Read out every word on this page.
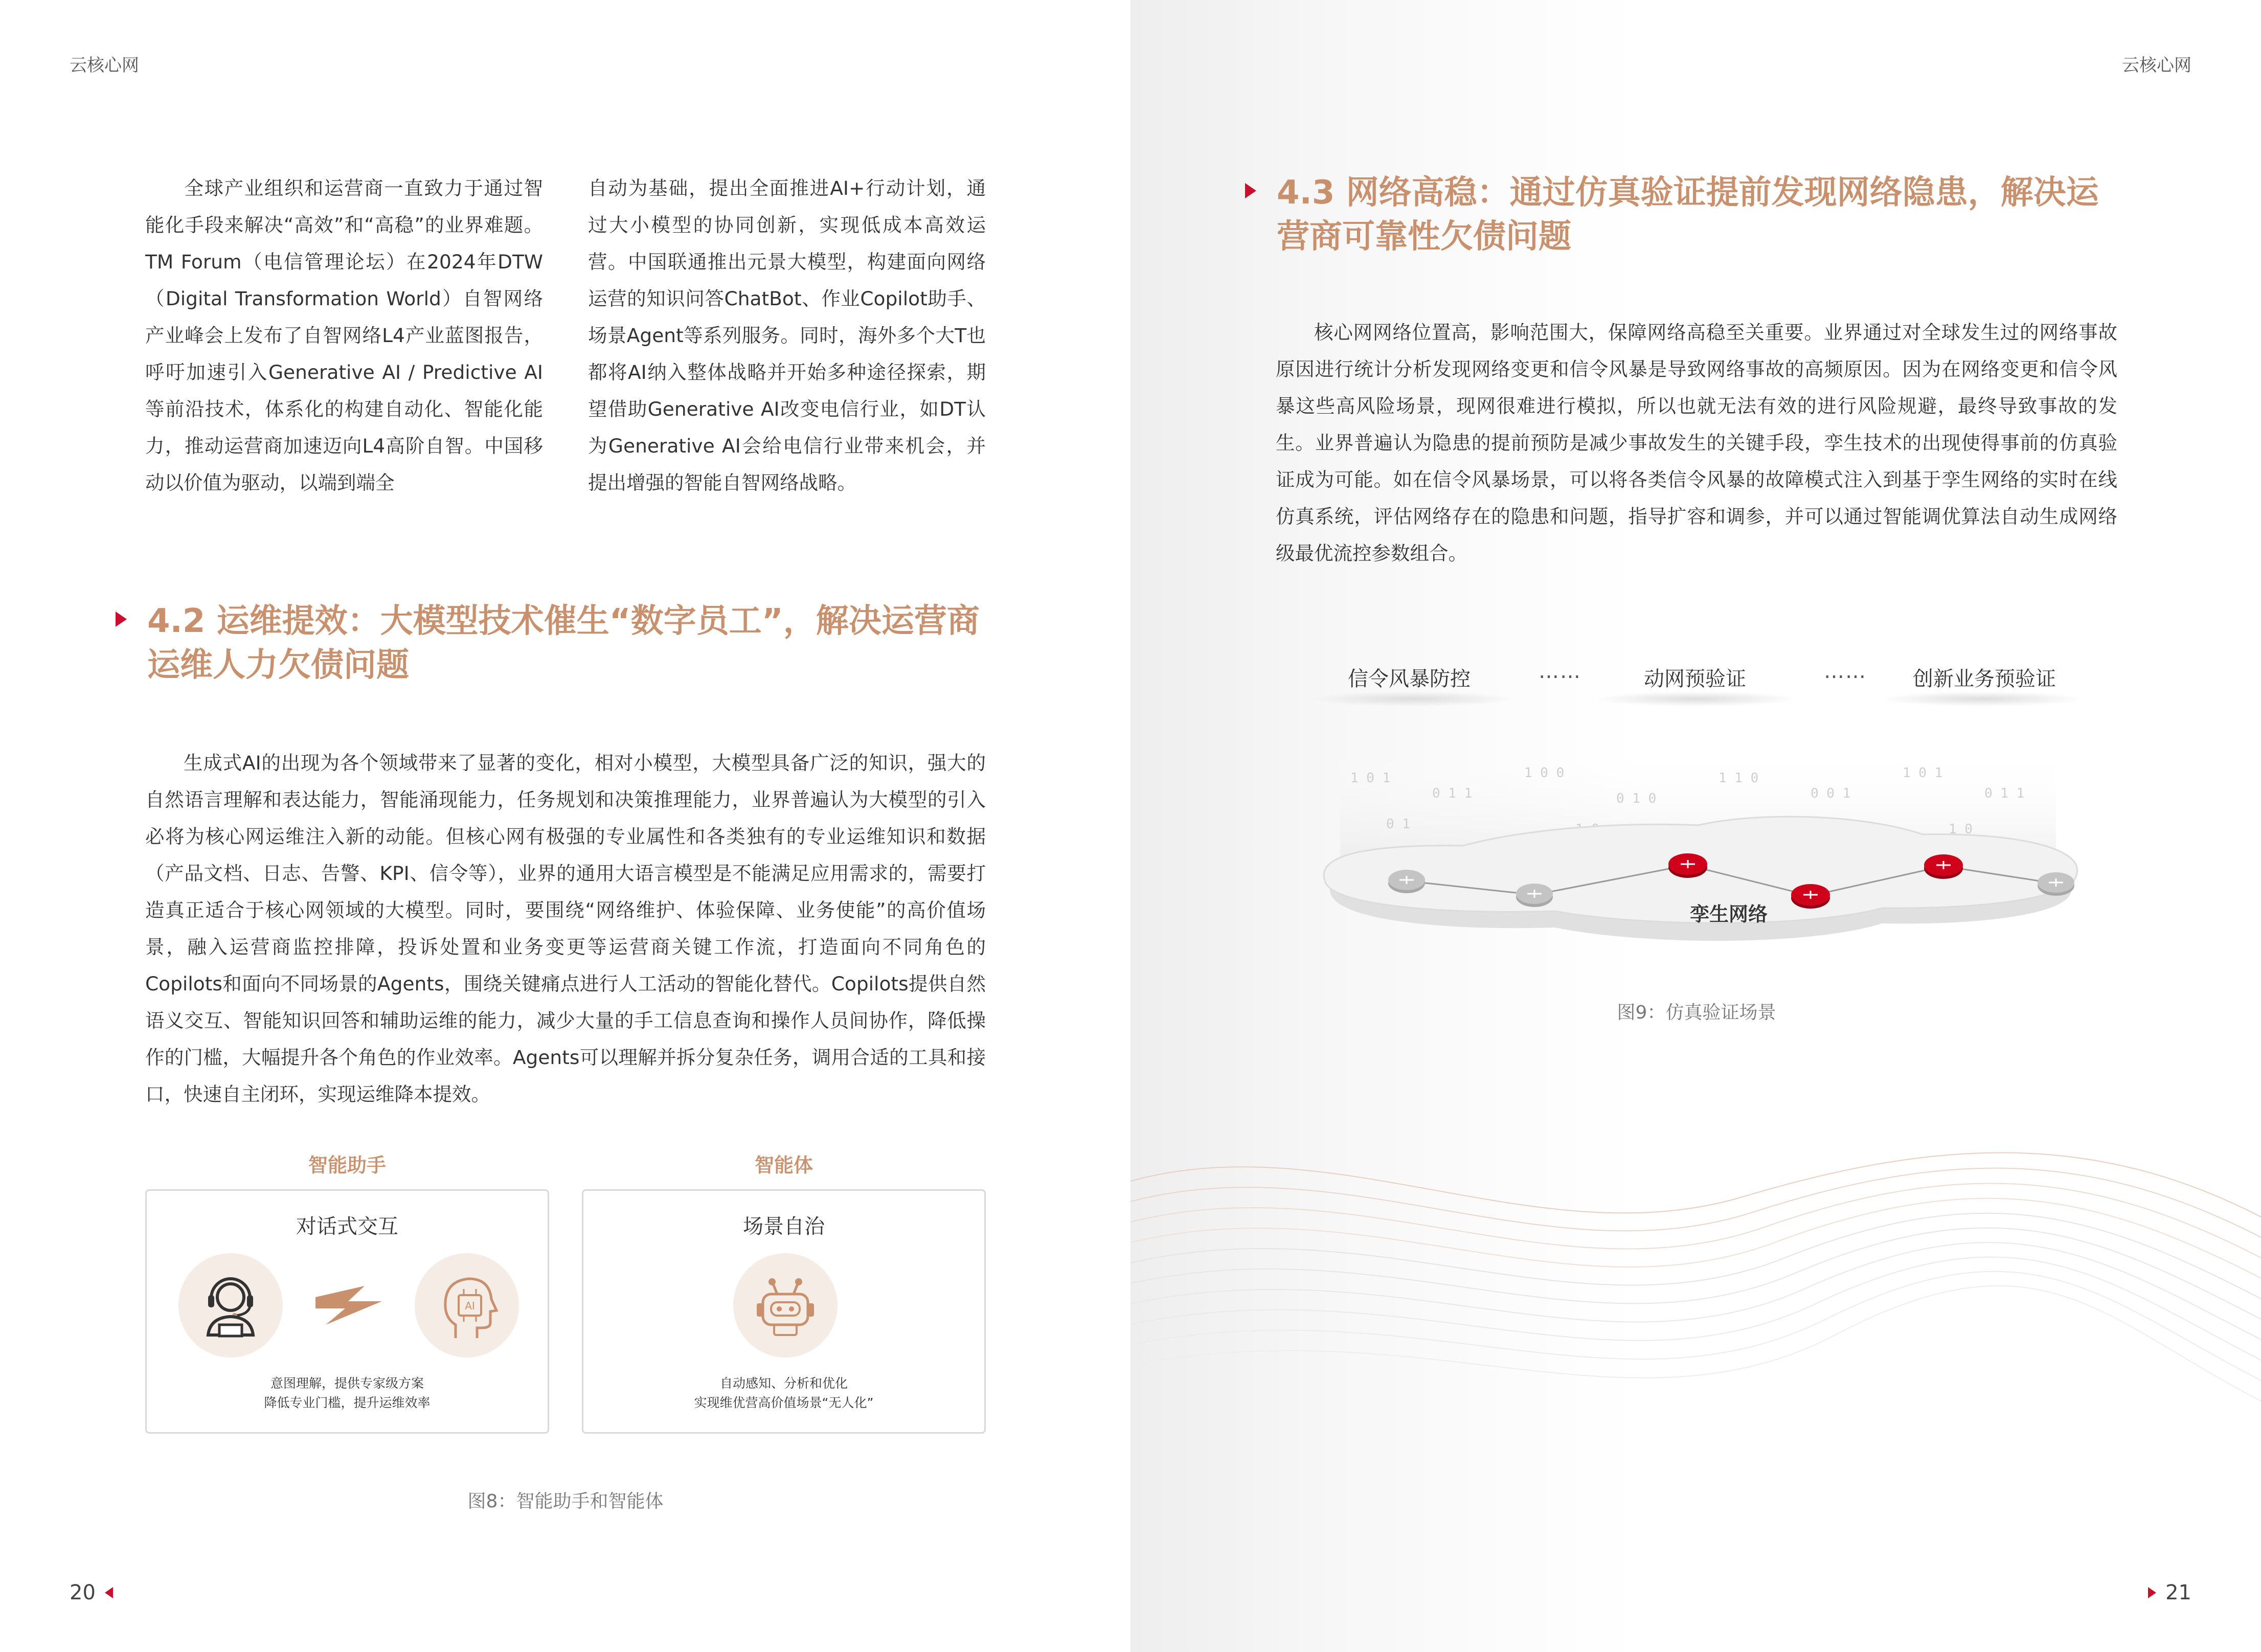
云核心网

全球产业组织和运营商一直致力于通过智能化手段来解决“高效”和“高稳”的业界难题。TM Forum（电信管理论坛）在2024年DTW（Digital Transformation World）自智网络产业峰会上发布了自智网络L4产业蓝图报告，呼吁加速引入Generative AI / Predictive AI等前沿技术，体系化的构建自动化、智能化能力，推动运营商加速迈向L4高阶自智。中国移动以价值为驱动，以端到端全

自动为基础，提出全面推进AI+行动计划，通过大小模型的协同创新，实现低成本高效运营。中国联通推出元景大模型，构建面向网络运营的知识问答ChatBot、作业Copilot助手、场景Agent等系列服务。同时，海外多个大T也都将AI纳入整体战略并开始多种途径探索，期望借助Generative AI改变电信行业，如DT认为Generative AI会给电信行业带来机会，并提出增强的智能自智网络战略。

4.2 运维提效：大模型技术催生“数字员工”，解决运营商运维人力欠债问题

生成式AI的出现为各个领域带来了显著的变化，相对小模型，大模型具备广泛的知识，强大的自然语言理解和表达能力，智能涌现能力，任务规划和决策推理能力，业界普遍认为大模型的引入必将为核心网运维注入新的动能。但核心网有极强的专业属性和各类独有的专业运维知识和数据（产品文档、日志、告警、KPI、信令等），业界的通用大语言模型是不能满足应用需求的，需要打造真正适合于核心网领域的大模型。同时，要围绕“网络维护、体验保障、业务使能”的高价值场景，融入运营商监控排障，投诉处置和业务变更等运营商关键工作流，打造面向不同角色的Copilots和面向不同场景的Agents，围绕关键痛点进行人工活动的智能化替代。Copilots提供自然语义交互、智能知识回答和辅助运维的能力，减少大量的手工信息查询和操作人员间协作，降低操作的门槛，大幅提升各个角色的作业效率。Agents可以理解并拆分复杂任务，调用合适的工具和接口，快速自主闭环，实现运维降本提效。

智能助手	智能体
对话式交互
AI
意图理解，提供专家级方案
降低专业门槛，提升运维效率
场景自治
自动感知、分析和优化
实现维优营高价值场景“无人化”
图8：智能助手和智能体
20
云核心网
4.3 网络高稳：通过仿真验证提前发现网络隐患，解决运营商可靠性欠债问题

核心网网络位置高，影响范围大，保障网络高稳至关重要。业界通过对全球发生过的网络事故原因进行统计分析发现网络变更和信令风暴是导致网络事故的高频原因。因为在网络变更和信令风暴这些高风险场景，现网很难进行模拟，所以也就无法有效的进行风险规避，最终导致事故的发生。业界普遍认为隐患的提前预防是减少事故发生的关键手段，孪生技术的出现使得事前的仿真验证成为可能。如在信令风暴场景，可以将各类信令风暴的故障模式注入到基于孪生网络的实时在线仿真系统，评估网络存在的隐患和问题，指导扩容和调参，并可以通过智能调优算法自动生成网络级最优流控参数组合。

信令风暴防控	……	动网预验证	…… 创新业务预验证
1 0 1
0 1 1
1 0 0
0 1 0
1 1 0
0 0 1
1 0 1
0 1 1
0 1	1 0
孪生网络
图9：仿真验证场景
21
